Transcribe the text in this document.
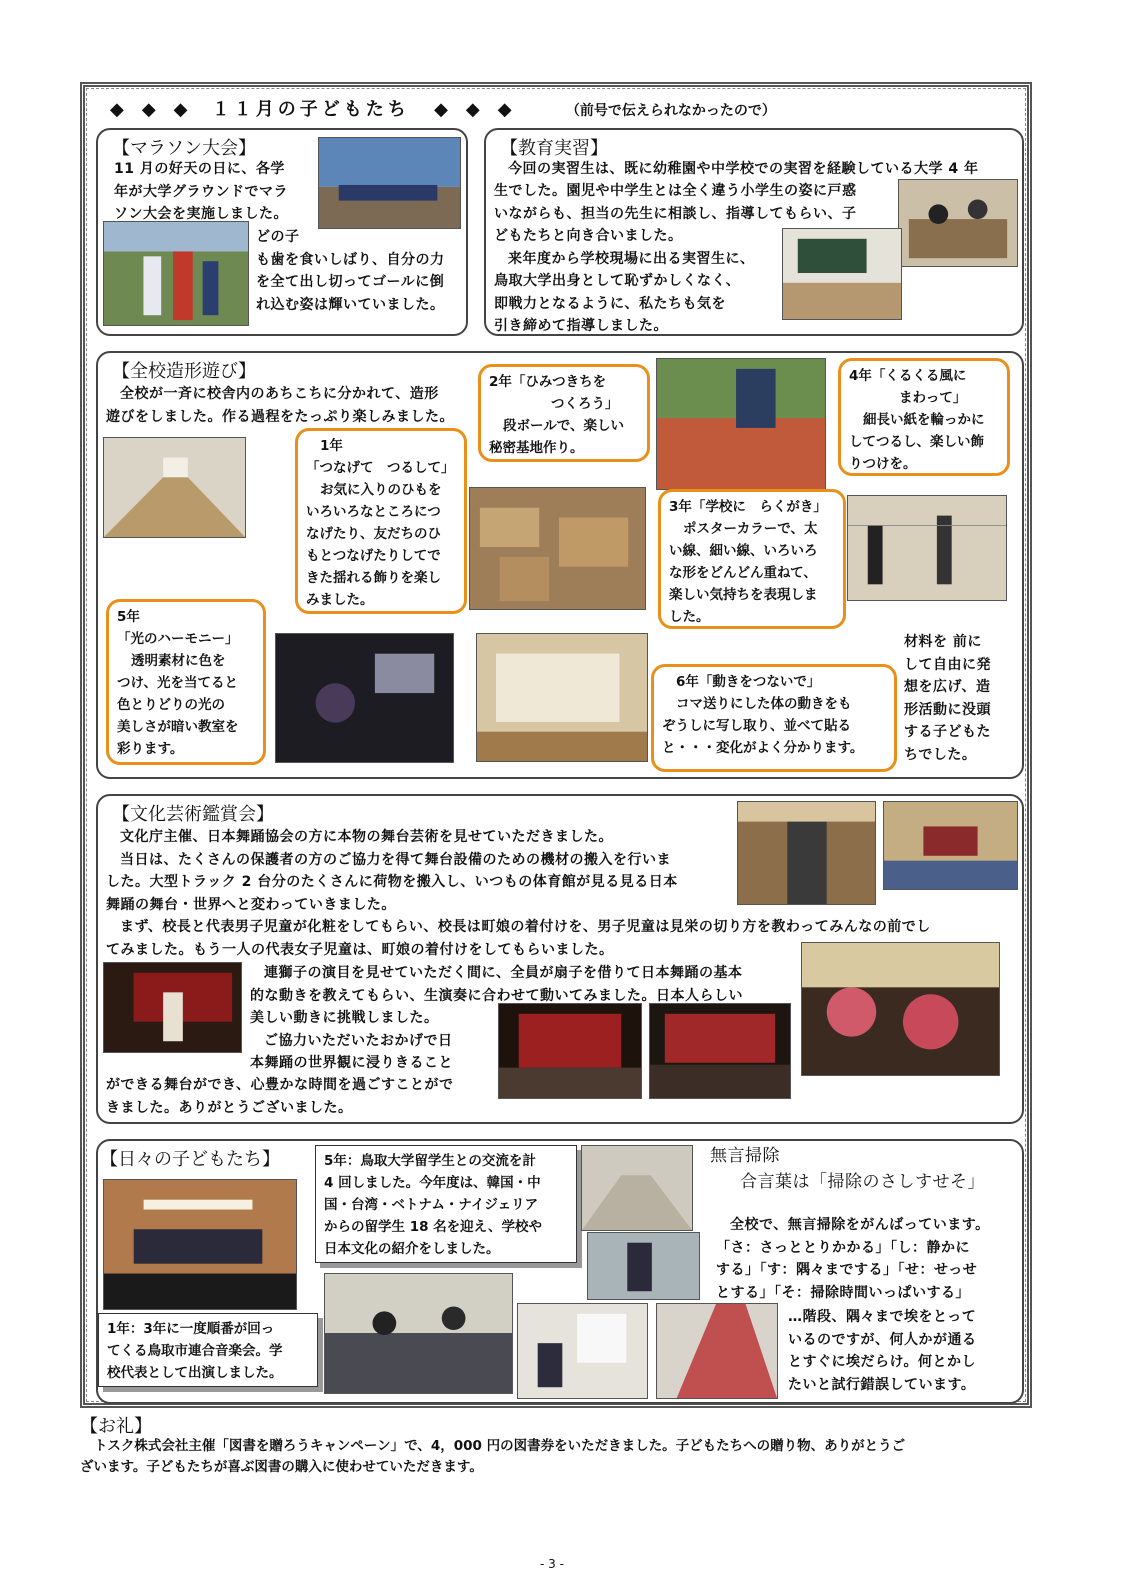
◆　◆　◆ １１月の子どもたち ◆　◆　◆	（前号で伝えられなかったので）
【マラソン大会】
11 月の好天の日に、各学
年が大学グラウンドでマラ
ソン大会を実施しました。
どの子
も歯を食いしばり、自分の力
を全て出し切ってゴールに倒
れ込む姿は輝いていました。
【教育実習】
今回の実習生は、既に幼稚園や中学校での実習を経験している大学 4 年
生でした。園児や中学生とは全く違う小学生の姿に戸惑
いながらも、担当の先生に相談し、指導してもらい、子
どもたちと向き合いました。
来年度から学校現場に出る実習生に、
鳥取大学出身として恥ずかしくなく、
即戦力となるように、私たちも気を
引き締めて指導しました。
【全校造形遊び】
全校が一斉に校舎内のあちこちに分かれて、造形
遊びをしました。作る過程をたっぷり楽しみました。
材料を 前に
して自由に発
想を広げ、造
形活動に没頭
する子どもた
ちでした。
1年
「つなげて　つるして」
お気に入りのひもを
いろいろなところにつ
なげたり、友だちのひ
もとつなげたりしてで
きた揺れる飾りを楽し
みました。
2年「ひみつきちを
つくろう」
段ボールで、楽しい
秘密基地作り。
3年「学校に　らくがき」
ポスターカラーで、太
い線、細い線、いろいろ
な形をどんどん重ねて、
楽しい気持ちを表現しま
した。
4年「くるくる風に
まわって」
細長い紙を輪っかに
してつるし、楽しい飾
りつけを。
5年
「光のハーモニー」
透明素材に色を
つけ、光を当てると
色とりどりの光の
美しさが暗い教室を
彩ります。
6年「動きをつないで」
コマ送りにした体の動きをも
ぞうしに写し取り、並べて貼る
と・・・変化がよく分かります。
【文化芸術鑑賞会】
文化庁主催、日本舞踊協会の方に本物の舞台芸術を見せていただきました。
当日は、たくさんの保護者の方のご協力を得て舞台設備のための機材の搬入を行いま
した。大型トラック 2 台分のたくさんに荷物を搬入し、いつもの体育館が見る見る日本
舞踊の舞台・世界へと変わっていきました。
まず、校長と代表男子児童が化粧をしてもらい、校長は町娘の着付けを、男子児童は見栄の切り方を教わってみんなの前でし
てみました。もう一人の代表女子児童は、町娘の着付けをしてもらいました。
連獅子の演目を見せていただく間に、全員が扇子を借りて日本舞踊の基本
的な動きを教えてもらい、生演奏に合わせて動いてみました。日本人らしい
美しい動きに挑戦しました。
ご協力いただいたおかげで日
本舞踊の世界観に浸りきること
ができる舞台ができ、心豊かな時間を過ごすことがで
きました。ありがとうございました。
【日々の子どもたち】	5年：鳥取大学留学生との交流を計
4 回しました。今年度は、韓国・中
国・台湾・ベトナム・ナイジェリア
からの留学生 18 名を迎え、学校や
日本文化の紹介をしました。
1年：3年に一度順番が回っ
てくる鳥取市連合音楽会。学
校代表として出演しました。
無言掃除
合言葉は「掃除のさしすせそ」
全校で、無言掃除をがんばっています。
「さ：さっととりかかる」「し：静かに
する」「す：隅々までする」「せ：せっせ
とする」「そ：掃除時間いっぱいする」
…階段、隅々まで埃をとって
いるのですが、何人かが通る
とすぐに埃だらけ。何とかし
たいと試行錯誤しています。
【お礼】
トスク株式会社主催「図書を贈ろうキャンペーン」で、4，000 円の図書券をいただきました。子どもたちへの贈り物、ありがとうご
ざいます。子どもたちが喜ぶ図書の購入に使わせていただきます。
- 3 -
